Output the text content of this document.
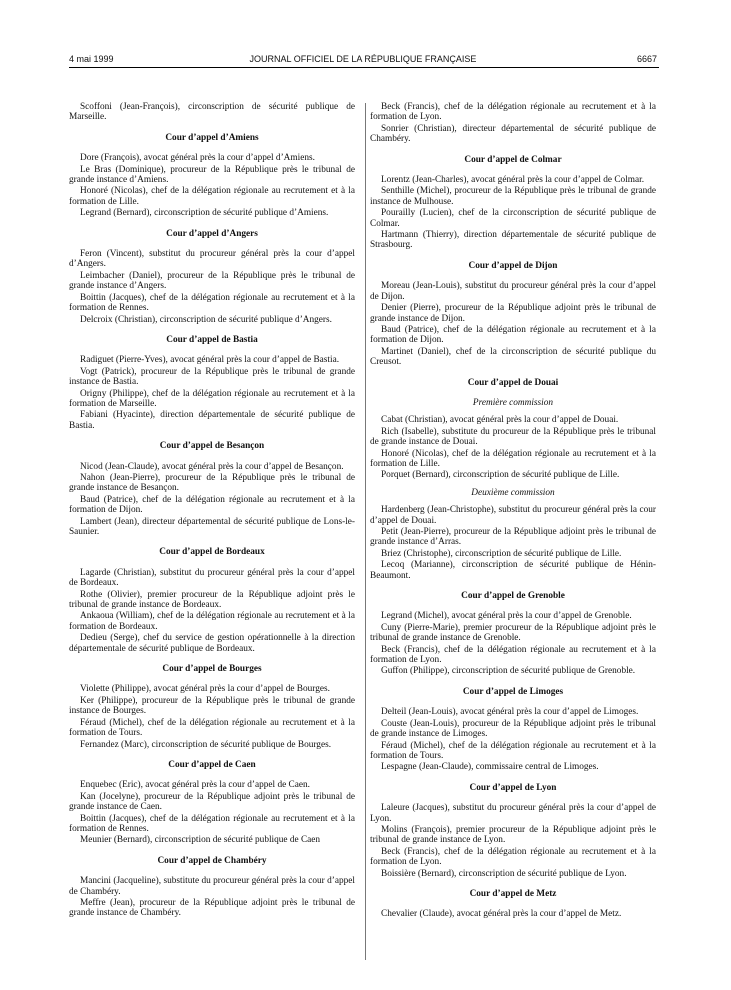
4 mai 1999	JOURNAL OFFICIEL DE LA RÉPUBLIQUE FRANÇAISE	6667

Scoffoni (Jean-François), circonscription de sécurité publique de Marseille.

Cour d’appel d’Amiens

Dore (François), avocat général près la cour d’appel d’Amiens.

Le Bras (Dominique), procureur de la République près le tribunal de grande instance d’Amiens.

Honoré (Nicolas), chef de la délégation régionale au recrutement et à la formation de Lille.

Legrand (Bernard), circonscription de sécurité publique d’Amiens.

Cour d’appel d’Angers

Feron (Vincent), substitut du procureur général près la cour d’appel d’Angers.

Leimbacher (Daniel), procureur de la République près le tribunal de grande instance d’Angers.

Boittin (Jacques), chef de la délégation régionale au recrutement et à la formation de Rennes.

Delcroix (Christian), circonscription de sécurité publique d’Angers.

Cour d’appel de Bastia

Radiguet (Pierre-Yves), avocat général près la cour d’appel de Bastia.

Vogt (Patrick), procureur de la République près le tribunal de grande instance de Bastia.

Origny (Philippe), chef de la délégation régionale au recrutement et à la formation de Marseille.

Fabiani (Hyacinte), direction départementale de sécurité publique de Bastia.

Cour d’appel de Besançon

Nicod (Jean-Claude), avocat général près la cour d’appel de Besançon.

Nahon (Jean-Pierre), procureur de la République près le tribunal de grande instance de Besançon.

Baud (Patrice), chef de la délégation régionale au recrutement et à la formation de Dijon.

Lambert (Jean), directeur départemental de sécurité publique de Lons-le-Saunier.

Cour d’appel de Bordeaux

Lagarde (Christian), substitut du procureur général près la cour d’appel de Bordeaux.

Rothe (Olivier), premier procureur de la République adjoint près le tribunal de grande instance de Bordeaux.

Ankaoua (William), chef de la délégation régionale au recrutement et à la formation de Bordeaux.

Dedieu (Serge), chef du service de gestion opérationnelle à la direction départementale de sécurité publique de Bordeaux.

Cour d’appel de Bourges

Violette (Philippe), avocat général près la cour d’appel de Bourges.

Ker (Philippe), procureur de la République près le tribunal de grande instance de Bourges.

Féraud (Michel), chef de la délégation régionale au recrutement et à la formation de Tours.

Fernandez (Marc), circonscription de sécurité publique de Bourges.

Cour d’appel de Caen

Enquebec (Eric), avocat général près la cour d’appel de Caen.

Kan (Jocelyne), procureur de la République adjoint près le tribunal de grande instance de Caen.

Boittin (Jacques), chef de la délégation régionale au recrutement et à la formation de Rennes.

Meunier (Bernard), circonscription de sécurité publique de Caen

Cour d’appel de Chambéry

Mancini (Jacqueline), substitute du procureur général près la cour d’appel de Chambéry.

Meffre (Jean), procureur de la République adjoint près le tribunal de grande instance de Chambéry.

Beck (Francis), chef de la délégation régionale au recrutement et à la formation de Lyon.

Sonrier (Christian), directeur départemental de sécurité publique de Chambéry.

Cour d’appel de Colmar

Lorentz (Jean-Charles), avocat général près la cour d’appel de Colmar.

Senthille (Michel), procureur de la République près le tribunal de grande instance de Mulhouse.

Pourailly (Lucien), chef de la circonscription de sécurité publique de Colmar.

Hartmann (Thierry), direction départementale de sécurité publique de Strasbourg.

Cour d’appel de Dijon

Moreau (Jean-Louis), substitut du procureur général près la cour d’appel de Dijon.

Denier (Pierre), procureur de la République adjoint près le tribunal de grande instance de Dijon.

Baud (Patrice), chef de la délégation régionale au recrutement et à la formation de Dijon.

Martinet (Daniel), chef de la circonscription de sécurité publique du Creusot.

Cour d’appel de Douai
Première commission

Cabat (Christian), avocat général près la cour d’appel de Douai.

Rich (Isabelle), substitute du procureur de la République près le tribunal de grande instance de Douai.

Honoré (Nicolas), chef de la délégation régionale au recrutement et à la formation de Lille.

Porquet (Bernard), circonscription de sécurité publique de Lille.

Deuxième commission

Hardenberg (Jean-Christophe), substitut du procureur général près la cour d’appel de Douai.

Petit (Jean-Pierre), procureur de la République adjoint près le tribunal de grande instance d’Arras.

Briez (Christophe), circonscription de sécurité publique de Lille.

Lecoq (Marianne), circonscription de sécurité publique de Hénin-Beaumont.

Cour d’appel de Grenoble

Legrand (Michel), avocat général près la cour d’appel de Grenoble.

Cuny (Pierre-Marie), premier procureur de la République adjoint près le tribunal de grande instance de Grenoble.

Beck (Francis), chef de la délégation régionale au recrutement et à la formation de Lyon.

Guffon (Philippe), circonscription de sécurité publique de Grenoble.

Cour d’appel de Limoges

Delteil (Jean-Louis), avocat général près la cour d’appel de Limoges.

Couste (Jean-Louis), procureur de la République adjoint près le tribunal de grande instance de Limoges.

Féraud (Michel), chef de la délégation régionale au recrutement et à la formation de Tours.

Lespagne (Jean-Claude), commissaire central de Limoges.

Cour d’appel de Lyon

Laleure (Jacques), substitut du procureur général près la cour d’appel de Lyon.

Molins (François), premier procureur de la République adjoint près le tribunal de grande instance de Lyon.

Beck (Francis), chef de la délégation régionale au recrutement et à la formation de Lyon.

Boissière (Bernard), circonscription de sécurité publique de Lyon.

Cour d’appel de Metz

Chevalier (Claude), avocat général près la cour d’appel de Metz.
